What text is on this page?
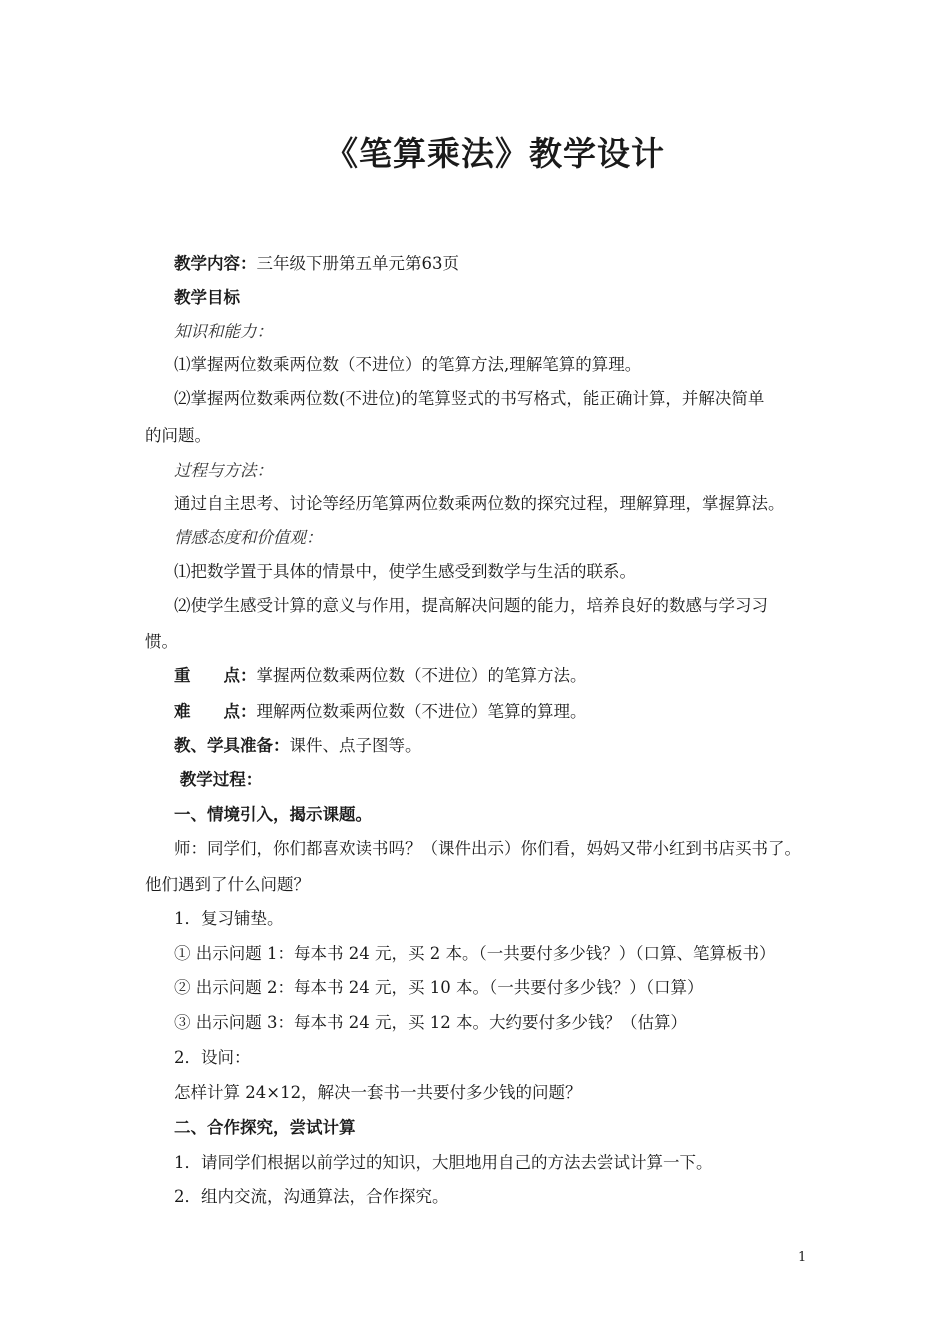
《笔算乘法》教学设计
教学内容：三年级下册第五单元第63页
教学目标
知识和能力：
⑴掌握两位数乘两位数（不进位）的笔算方法,理解笔算的算理。
⑵掌握两位数乘两位数(不进位)的笔算竖式的书写格式，能正确计算，并解决简单
的问题。
过程与方法：
通过自主思考、讨论等经历笔算两位数乘两位数的探究过程，理解算理，掌握算法。
情感态度和价值观：
⑴把数学置于具体的情景中，使学生感受到数学与生活的联系。
⑵使学生感受计算的意义与作用，提高解决问题的能力，培养良好的数感与学习习
惯。
重　　点：掌握两位数乘两位数（不进位）的笔算方法。
难　　点：理解两位数乘两位数（不进位）笔算的算理。
教、学具准备：课件、点子图等。
教学过程：
一、情境引入，揭示课题。
师：同学们，你们都喜欢读书吗？（课件出示）你们看，妈妈又带小红到书店买书了。
他们遇到了什么问题？
1．复习铺垫。
① 出示问题 1：每本书 24 元，买 2 本。（一共要付多少钱？）（口算、笔算板书）
② 出示问题 2：每本书 24 元，买 10 本。（一共要付多少钱？）（口算）
③ 出示问题 3：每本书 24 元，买 12 本。大约要付多少钱？（估算）
2．设问：
怎样计算 24×12，解决一套书一共要付多少钱的问题？
二、合作探究，尝试计算
1．请同学们根据以前学过的知识，大胆地用自己的方法去尝试计算一下。
2．组内交流，沟通算法，合作探究。
1
